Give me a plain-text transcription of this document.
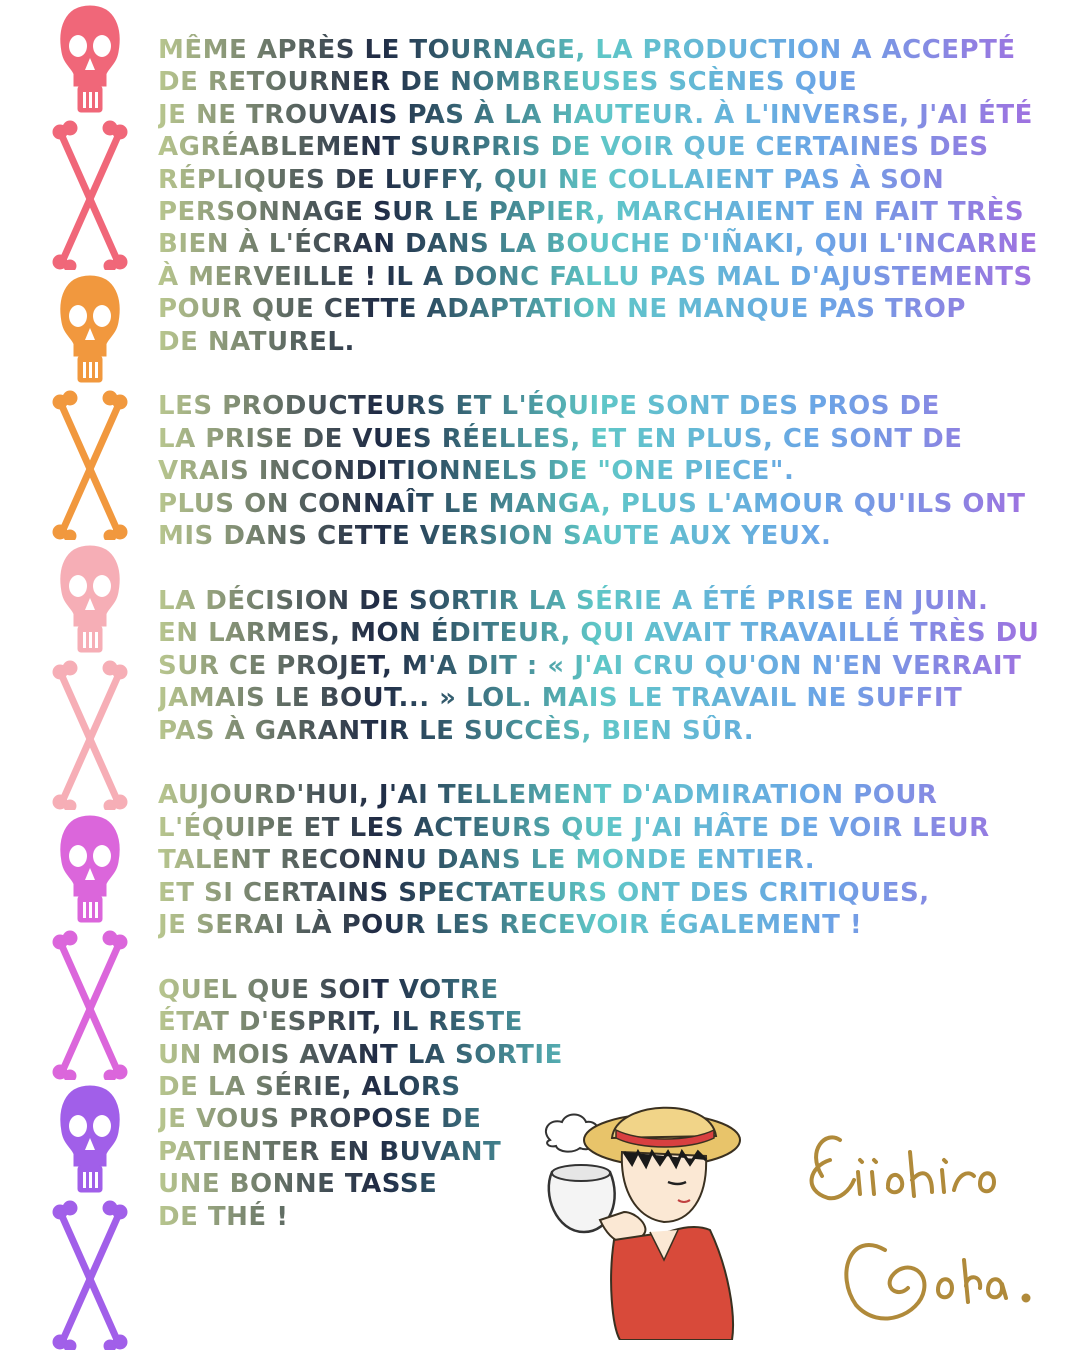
MÊME APRÈS LE TOURNAGE, LA PRODUCTION A ACCEPTÉ
DE RETOURNER DE NOMBREUSES SCÈNES QUE
JE NE TROUVAIS PAS À LA HAUTEUR. À L'INVERSE, J'AI ÉTÉ
AGRÉABLEMENT SURPRIS DE VOIR QUE CERTAINES DES
RÉPLIQUES DE LUFFY, QUI NE COLLAIENT PAS À SON
PERSONNAGE SUR LE PAPIER, MARCHAIENT EN FAIT TRÈS
BIEN À L'ÉCRAN DANS LA BOUCHE D'IÑAKI, QUI L'INCARNE
À MERVEILLE ! IL A DONC FALLU PAS MAL D'AJUSTEMENTS
POUR QUE CETTE ADAPTATION NE MANQUE PAS TROP
DE NATUREL.
LES PRODUCTEURS ET L'ÉQUIPE SONT DES PROS DE
LA PRISE DE VUES RÉELLES, ET EN PLUS, CE SONT DE
VRAIS INCONDITIONNELS DE "ONE PIECE".
PLUS ON CONNAÎT LE MANGA, PLUS L'AMOUR QU'ILS ONT
MIS DANS CETTE VERSION SAUTE AUX YEUX.
LA DÉCISION DE SORTIR LA SÉRIE A ÉTÉ PRISE EN JUIN.
EN LARMES, MON ÉDITEUR, QUI AVAIT TRAVAILLÉ TRÈS DUR
SUR CE PROJET, M'A DIT : « J'AI CRU QU'ON N'EN VERRAIT
JAMAIS LE BOUT... » LOL. MAIS LE TRAVAIL NE SUFFIT
PAS À GARANTIR LE SUCCÈS, BIEN SÛR.
AUJOURD'HUI, J'AI TELLEMENT D'ADMIRATION POUR
L'ÉQUIPE ET LES ACTEURS QUE J'AI HÂTE DE VOIR LEUR
TALENT RECONNU DANS LE MONDE ENTIER.
ET SI CERTAINS SPECTATEURS ONT DES CRITIQUES,
JE SERAI LÀ POUR LES RECEVOIR ÉGALEMENT !
QUEL QUE SOIT VOTRE
ÉTAT D'ESPRIT, IL RESTE
UN MOIS AVANT LA SORTIE
DE LA SÉRIE, ALORS
JE VOUS PROPOSE DE
PATIENTER EN BUVANT
UNE BONNE TASSE
DE THÉ !
